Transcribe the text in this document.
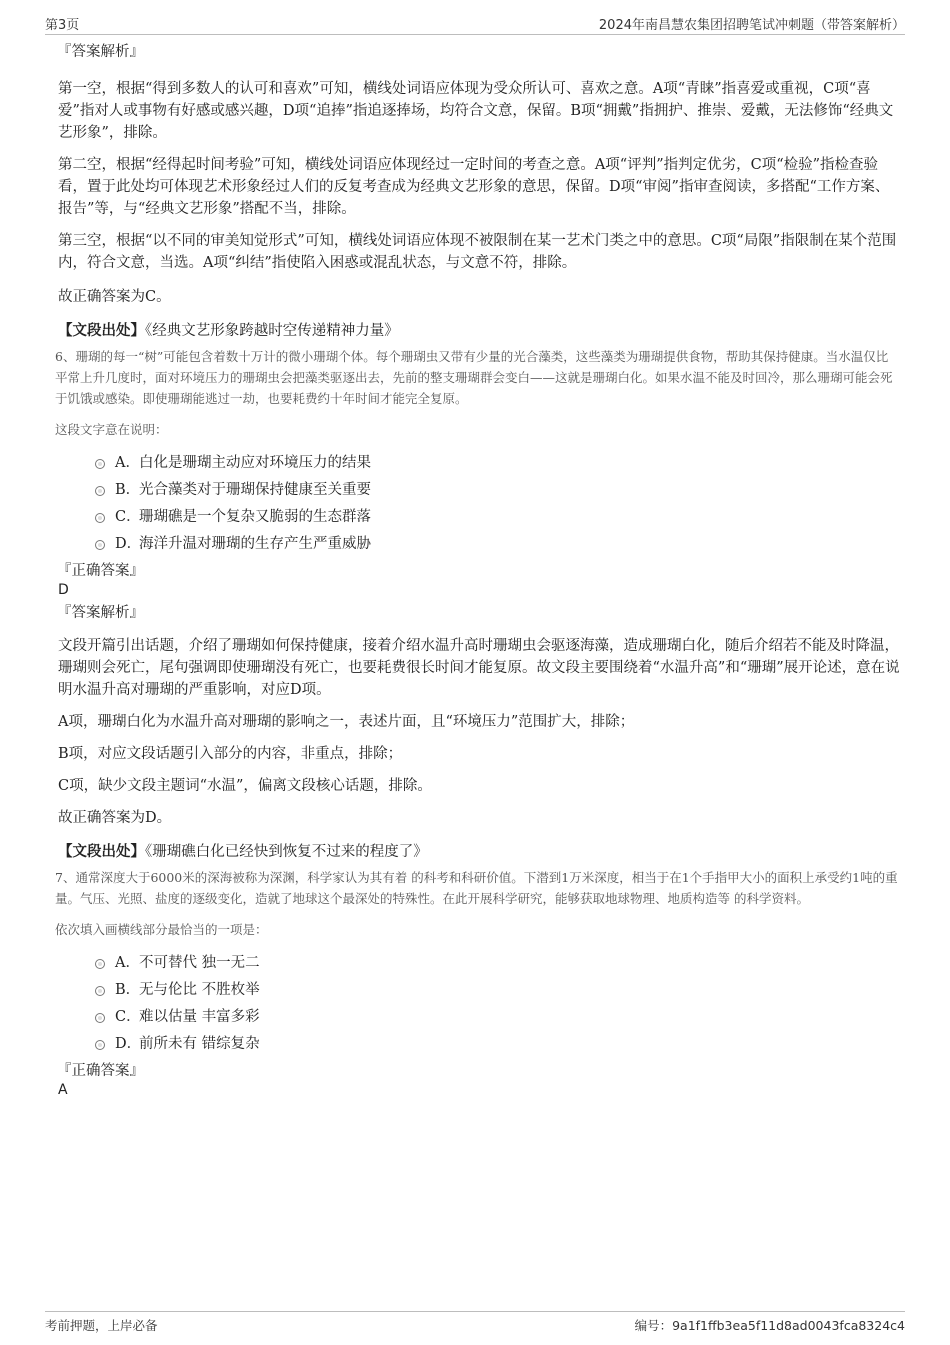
第3页	2024年南昌慧农集团招聘笔试冲刺题（带答案解析）
『答案解析』
第一空，根据“得到多数人的认可和喜欢”可知，横线处词语应体现为受众所认可、喜欢之意。A项“青睐”指喜爱或重视，C项“喜爱”指对人或事物有好感或感兴趣，D项“追捧”指追逐捧场，均符合文意，保留。B项“拥戴”指拥护、推崇、爱戴，无法修饰“经典文艺形象”，排除。
第二空，根据“经得起时间考验”可知，横线处词语应体现经过一定时间的考查之意。A项“评判”指判定优劣，C项“检验”指检查验看，置于此处均可体现艺术形象经过人们的反复考查成为经典文艺形象的意思，保留。D项“审阅”指审查阅读，多搭配“工作方案、报告”等，与“经典文艺形象”搭配不当，排除。
第三空，根据“以不同的审美知觉形式”可知，横线处词语应体现不被限制在某一艺术门类之中的意思。C项“局限”指限制在某个范围内，符合文意，当选。A项“纠结”指使陷入困惑或混乱状态，与文意不符，排除。
故正确答案为C。
【文段出处】《经典文艺形象跨越时空传递精神力量》
6、珊瑚的每一“树”可能包含着数十万计的微小珊瑚个体。每个珊瑚虫又带有少量的光合藻类，这些藻类为珊瑚提供食物，帮助其保持健康。当水温仅比平常上升几度时，面对环境压力的珊瑚虫会把藻类驱逐出去，先前的整支珊瑚群会变白——这就是珊瑚白化。如果水温不能及时回冷，那么珊瑚可能会死于饥饿或感染。即使珊瑚能逃过一劫，也要耗费约十年时间才能完全复原。
这段文字意在说明：
A．白化是珊瑚主动应对环境压力的结果
B．光合藻类对于珊瑚保持健康至关重要
C．珊瑚礁是一个复杂又脆弱的生态群落
D．海洋升温对珊瑚的生存产生严重威胁
『正确答案』
D
『答案解析』
文段开篇引出话题，介绍了珊瑚如何保持健康，接着介绍水温升高时珊瑚虫会驱逐海藻，造成珊瑚白化，随后介绍若不能及时降温，珊瑚则会死亡，尾句强调即使珊瑚没有死亡，也要耗费很长时间才能复原。故文段主要围绕着“水温升高”和“珊瑚”展开论述，意在说明水温升高对珊瑚的严重影响，对应D项。
A项，珊瑚白化为水温升高对珊瑚的影响之一，表述片面，且“环境压力”范围扩大，排除；
B项，对应文段话题引入部分的内容，非重点，排除；
C项，缺少文段主题词“水温”，偏离文段核心话题，排除。
故正确答案为D。
【文段出处】《珊瑚礁白化已经快到恢复不过来的程度了》
7、通常深度大于6000米的深海被称为深渊，科学家认为其有着 的科考和科研价值。下潜到1万米深度，相当于在1个手指甲大小的面积上承受约1吨的重量。气压、光照、盐度的逐级变化，造就了地球这个最深处的特殊性。在此开展科学研究，能够获取地球物理、地质构造等 的科学资料。
依次填入画横线部分最恰当的一项是：
A．不可替代 独一无二
B．无与伦比 不胜枚举
C．难以估量 丰富多彩
D．前所未有 错综复杂
『正确答案』
A
考前押题，上岸必备	编号：9a1f1ffb3ea5f11d8ad0043fca8324c4
